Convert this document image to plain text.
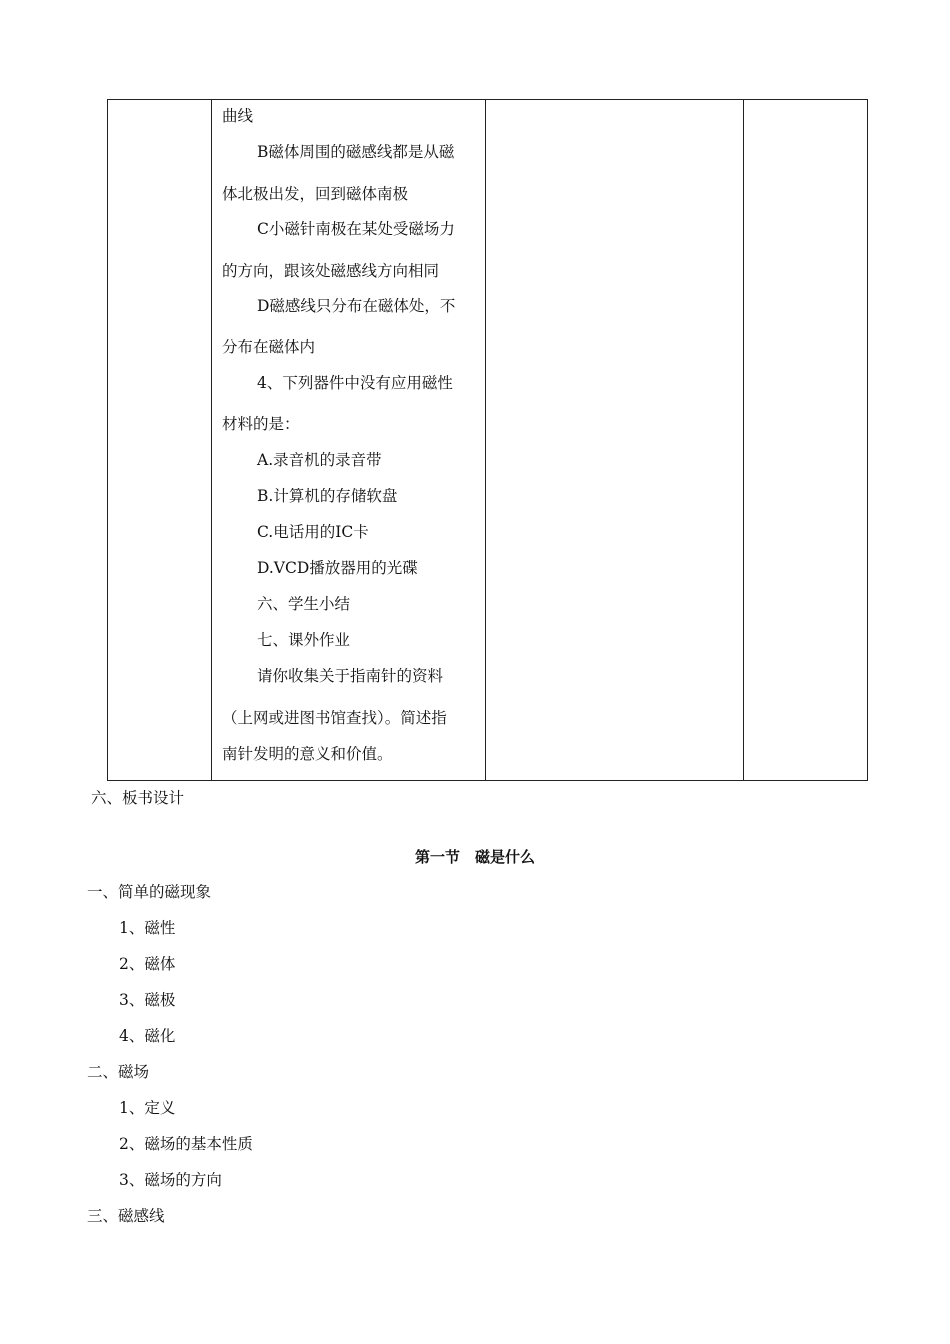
曲线
B磁体周围的磁感线都是从磁
体北极出发，回到磁体南极
C小磁针南极在某处受磁场力
的方向，跟该处磁感线方向相同
D磁感线只分布在磁体处，不
分布在磁体内
4、下列器件中没有应用磁性
材料的是：
A.录音机的录音带
B.计算机的存储软盘
C.电话用的IC卡
D.VCD播放器用的光碟
六、学生小结
七、课外作业
请你收集关于指南针的资料
（上网或进图书馆查找）。简述指
南针发明的意义和价值。
六、板书设计
第一节　磁是什么
一、简单的磁现象
1、磁性
2、磁体
3、磁极
4、磁化
二、磁场
1、定义
2、磁场的基本性质
3、磁场的方向
三、磁感线
